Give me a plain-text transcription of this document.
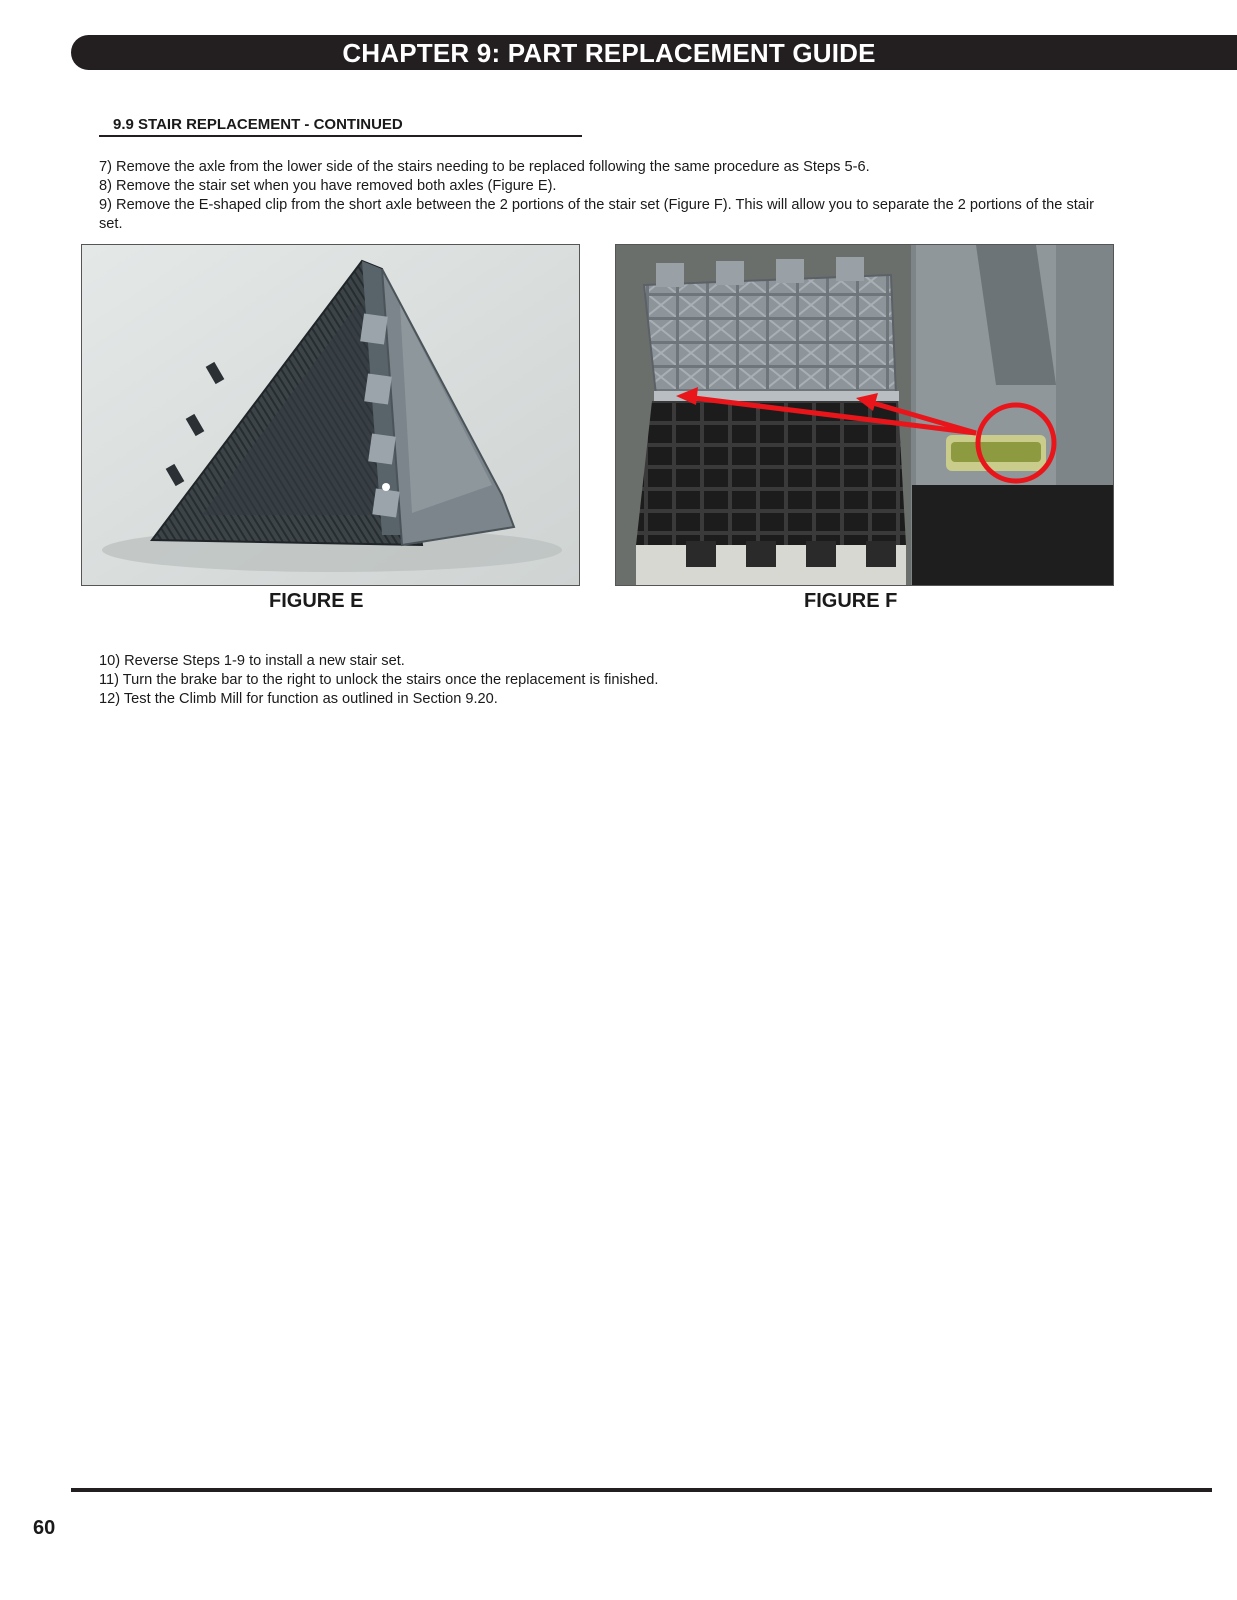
CHAPTER 9: PART REPLACEMENT GUIDE
9.9 STAIR REPLACEMENT - CONTINUED

7) Remove the axle from the lower side of the stairs needing to be replaced following the same procedure as Steps 5-6.

8) Remove the stair set when you have removed both axles (Figure E).

9) Remove the E-shaped clip from the short axle between the 2 portions of the stair set (Figure F). This will allow you to separate the 2 portions of the stair set.

FIGURE E	FIGURE F

10) Reverse Steps 1-9 to install a new stair set.

11) Turn the brake bar to the right to unlock the stairs once the replacement is finished.

12) Test the Climb Mill for function as outlined in Section 9.20.

60
